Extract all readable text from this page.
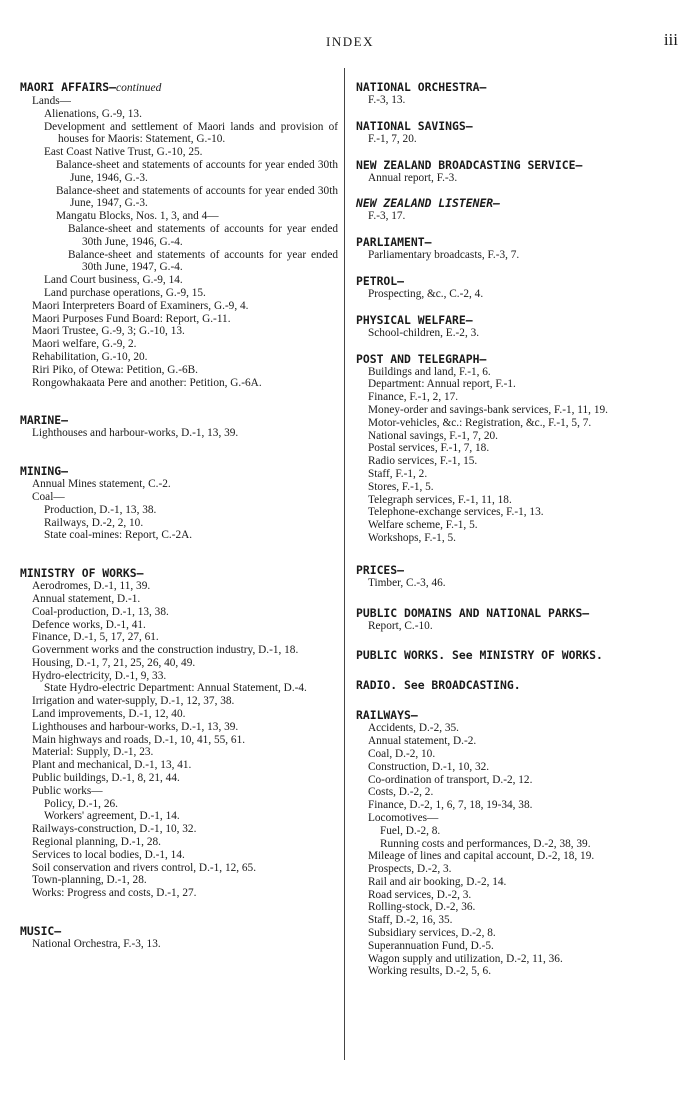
INDEX	iii
MAORI AFFAIRS—continued
Lands—
Alienations, G.-9, 13.
Development and settlement of Maori lands and provision of houses for Maoris: Statement, G.-10.
East Coast Native Trust, G.-10, 25.
Balance-sheet and statements of accounts for year ended 30th June, 1946, G.-3.
Balance-sheet and statements of accounts for year ended 30th June, 1947, G.-3.
Mangatu Blocks, Nos. 1, 3, and 4—
Balance-sheet and statements of accounts for year ended 30th June, 1946, G.-4.
Balance-sheet and statements of accounts for year ended 30th June, 1947, G.-4.
Land Court business, G.-9, 14.
Land purchase operations, G.-9, 15.
Maori Interpreters Board of Examiners, G.-9, 4.
Maori Purposes Fund Board: Report, G.-11.
Maori Trustee, G.-9, 3; G.-10, 13.
Maori welfare, G.-9, 2.
Rehabilitation, G.-10, 20.
Riri Piko, of Otewa: Petition, G.-6B.
Rongowhakaata Pere and another: Petition, G.-6A.
MARINE—
Lighthouses and harbour-works, D.-1, 13, 39.
MINING—
Annual Mines statement, C.-2.
Coal—
Production, D.-1, 13, 38.
Railways, D.-2, 2, 10.
State coal-mines: Report, C.-2A.
MINISTRY OF WORKS—
Aerodromes, D.-1, 11, 39.
Annual statement, D.-1.
Coal-production, D.-1, 13, 38.
Defence works, D.-1, 41.
Finance, D.-1, 5, 17, 27, 61.
Government works and the construction industry, D.-1, 18.
Housing, D.-1, 7, 21, 25, 26, 40, 49.
Hydro-electricity, D.-1, 9, 33.
State Hydro-electric Department: Annual Statement, D.-4.
Irrigation and water-supply, D.-1, 12, 37, 38.
Land improvements, D.-1, 12, 40.
Lighthouses and harbour-works, D.-1, 13, 39.
Main highways and roads, D.-1, 10, 41, 55, 61.
Material: Supply, D.-1, 23.
Plant and mechanical, D.-1, 13, 41.
Public buildings, D.-1, 8, 21, 44.
Public works—
Policy, D.-1, 26.
Workers' agreement, D.-1, 14.
Railways-construction, D.-1, 10, 32.
Regional planning, D.-1, 28.
Services to local bodies, D.-1, 14.
Soil conservation and rivers control, D.-1, 12, 65.
Town-planning, D.-1, 28.
Works: Progress and costs, D.-1, 27.
MUSIC—
National Orchestra, F.-3, 13.
NATIONAL ORCHESTRA—
F.-3, 13.
NATIONAL SAVINGS—
F.-1, 7, 20.
NEW ZEALAND BROADCASTING SERVICE—
Annual report, F.-3.
NEW ZEALAND LISTENER—
F.-3, 17.
PARLIAMENT—
Parliamentary broadcasts, F.-3, 7.
PETROL—
Prospecting, &c., C.-2, 4.
PHYSICAL WELFARE—
School-children, E.-2, 3.
POST AND TELEGRAPH—
Buildings and land, F.-1, 6.
Department: Annual report, F.-1.
Finance, F.-1, 2, 17.
Money-order and savings-bank services, F.-1, 11, 19.
Motor-vehicles, &c.: Registration, &c., F.-1, 5, 7.
National savings, F.-1, 7, 20.
Postal services, F.-1, 7, 18.
Radio services, F.-1, 15.
Staff, F.-1, 2.
Stores, F.-1, 5.
Telegraph services, F.-1, 11, 18.
Telephone-exchange services, F.-1, 13.
Welfare scheme, F.-1, 5.
Workshops, F.-1, 5.
PRICES—
Timber, C.-3, 46.
PUBLIC DOMAINS AND NATIONAL PARKS—
Report, C.-10.
PUBLIC WORKS. See MINISTRY OF WORKS.
RADIO. See BROADCASTING.
RAILWAYS—
Accidents, D.-2, 35.
Annual statement, D.-2.
Coal, D.-2, 10.
Construction, D.-1, 10, 32.
Co-ordination of transport, D.-2, 12.
Costs, D.-2, 2.
Finance, D.-2, 1, 6, 7, 18, 19-34, 38.
Locomotives—
Fuel, D.-2, 8.
Running costs and performances, D.-2, 38, 39.
Mileage of lines and capital account, D.-2, 18, 19.
Prospects, D.-2, 3.
Rail and air booking, D.-2, 14.
Road services, D.-2, 3.
Rolling-stock, D.-2, 36.
Staff, D.-2, 16, 35.
Subsidiary services, D.-2, 8.
Superannuation Fund, D.-5.
Wagon supply and utilization, D.-2, 11, 36.
Working results, D.-2, 5, 6.
